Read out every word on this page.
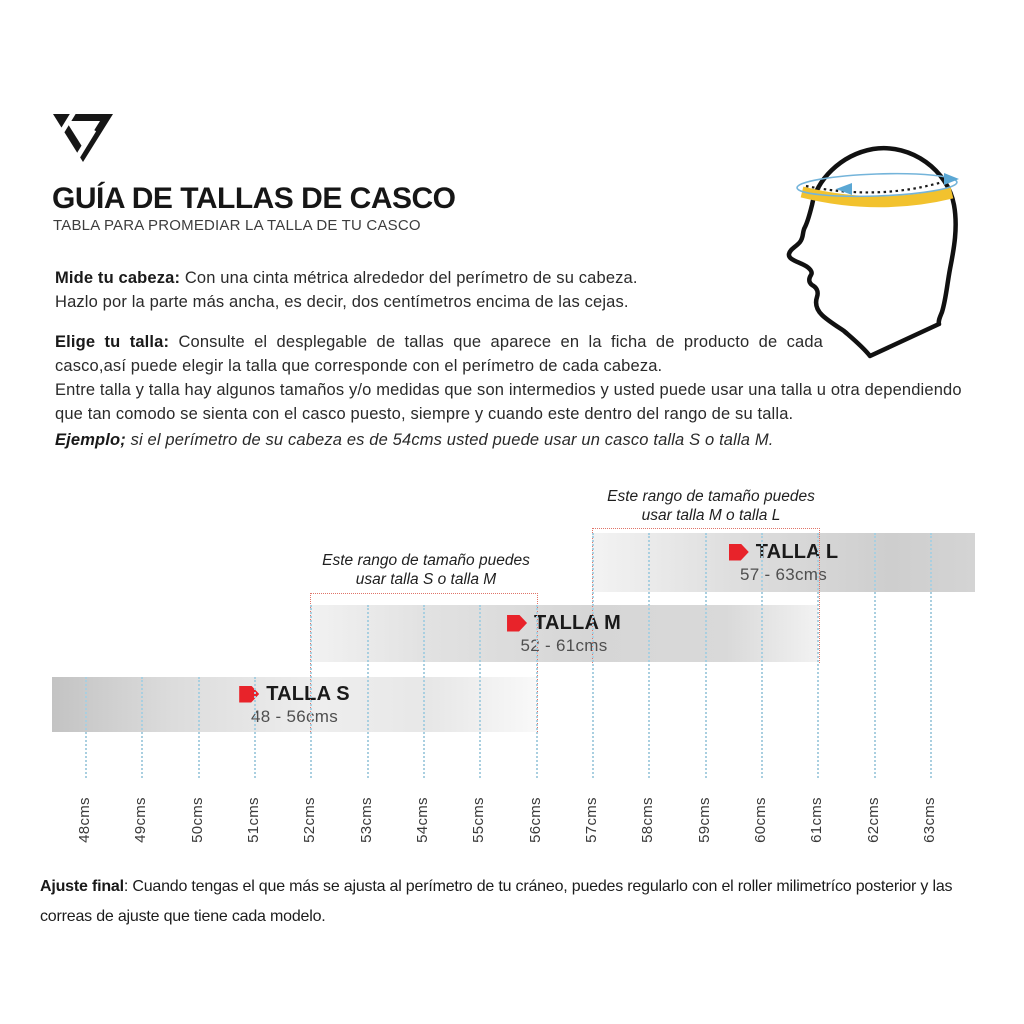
GUÍA DE TALLAS DE CASCO
TABLA PARA PROMEDIAR LA TALLA DE TU CASCO
Mide tu cabeza: Con una cinta métrica alrededor del perímetro de su cabeza.
Hazlo por la parte más ancha, es decir, dos centímetros encima de las cejas.
Elige tu talla: Consulte el desplegable de tallas que aparece en la ficha de producto de cada
casco,así puede elegir la talla que corresponde con el perímetro de cada cabeza.
Entre talla y talla hay algunos tamaños y/o medidas que son intermedios y usted puede usar una talla u otra dependiendo
que tan comodo se sienta con el casco puesto, siempre y cuando este dentro del rango de su talla.
Ejemplo; si el perímetro de su cabeza es de 54cms usted puede usar un casco talla S o talla M.
TALLA S
48 - 56cms
TALLA M
52 - 61cms
TALLA L
57 - 63cms
Este rango de tamaño puedes
usar talla S o talla M
Este rango de tamaño puedes
usar talla M o talla L
48cms	49cms	50cms	51cms	52cms	53cms	54cms	55cms	56cms	57cms	58cms	59cms	60cms	61cms	62cms	63cms
Ajuste final: Cuando tengas el que más se ajusta al perímetro de tu cráneo, puedes regularlo con el roller milimetríco posterior y las
correas de ajuste que tiene cada modelo.
